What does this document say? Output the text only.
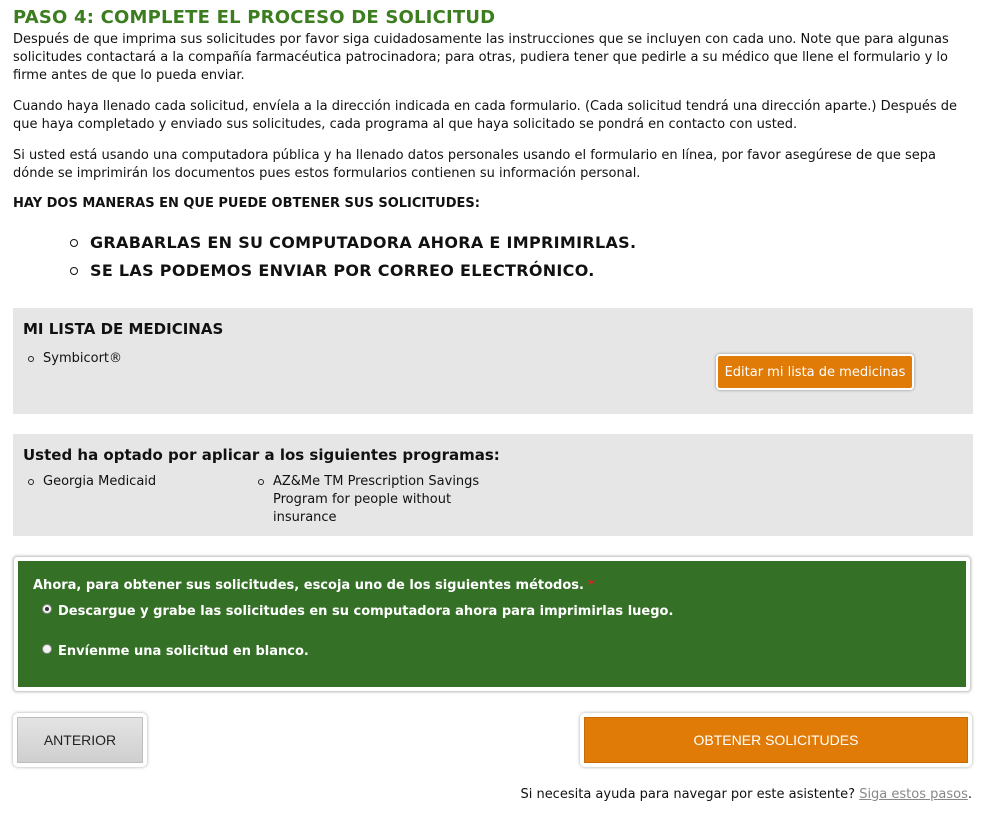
PASO 4: COMPLETE EL PROCESO DE SOLICITUD

Después de que imprima sus solicitudes por favor siga cuidadosamente las instrucciones que se incluyen con cada uno. Note que para algunas solicitudes contactará a la compañía farmacéutica patrocinadora; para otras, pudiera tener que pedirle a su médico que llene el formulario y lo firme antes de que lo pueda enviar.

Cuando haya llenado cada solicitud, envíela a la dirección indicada en cada formulario. (Cada solicitud tendrá una dirección aparte.) Después de que haya completado y enviado sus solicitudes, cada programa al que haya solicitado se pondrá en contacto con usted.

Si usted está usando una computadora pública y ha llenado datos personales usando el formulario en línea, por favor asegúrese de que sepa dónde se imprimirán los documentos pues estos formularios contienen su información personal.

HAY DOS MANERAS EN QUE PUEDE OBTENER SUS SOLICITUDES:

GRABARLAS EN SU COMPUTADORA AHORA E IMPRIMIRLAS.
SE LAS PODEMOS ENVIAR POR CORREO ELECTRÓNICO.
MI LISTA DE MEDICINAS
Symbicort®
Editar mi lista de medicinas
Usted ha optado por aplicar a los siguientes programas:
Georgia Medicaid	AZ&Me TM Prescription Savings Program for people without insurance

Ahora, para obtener sus solicitudes, escoja uno de los siguientes métodos. *

Descargue y grabe las solicitudes en su computadora ahora para imprimirlas luego.
Envíenme una solicitud en blanco.
ANTERIOR	OBTENER SOLICITUDES

Si necesita ayuda para navegar por este asistente? Siga estos pasos.
